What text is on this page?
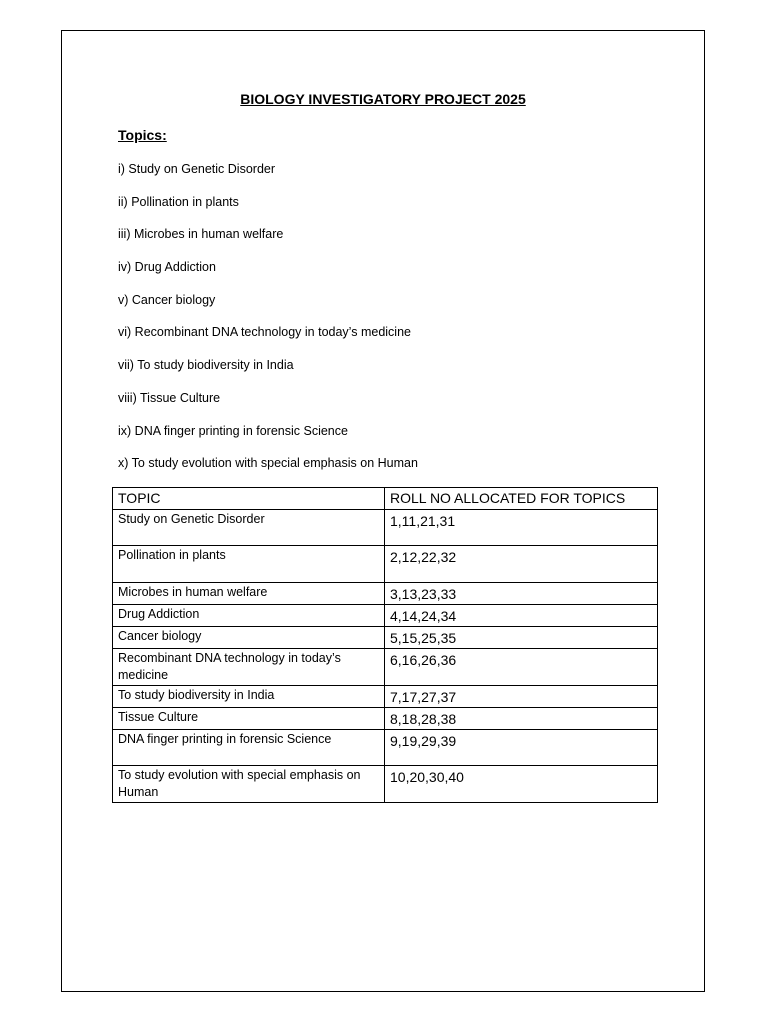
BIOLOGY INVESTIGATORY PROJECT 2025
Topics:
i) Study on Genetic Disorder
ii) Pollination in plants
iii) Microbes in human welfare
iv) Drug Addiction
v) Cancer biology
vi) Recombinant DNA technology in today’s medicine
vii) To study biodiversity in India
viii) Tissue Culture
ix) DNA finger printing in forensic Science
x) To study evolution with special emphasis on Human
TOPIC	ROLL NO ALLOCATED FOR TOPICS
Study on Genetic Disorder	1,11,21,31
Pollination in plants	2,12,22,32
Microbes in human welfare	3,13,23,33
Drug Addiction	4,14,24,34
Cancer biology	5,15,25,35
Recombinant DNA technology in today’s medicine	6,16,26,36
To study biodiversity in India	7,17,27,37
Tissue Culture	8,18,28,38
DNA finger printing in forensic Science	9,19,29,39
To study evolution with special emphasis on Human	10,20,30,40
